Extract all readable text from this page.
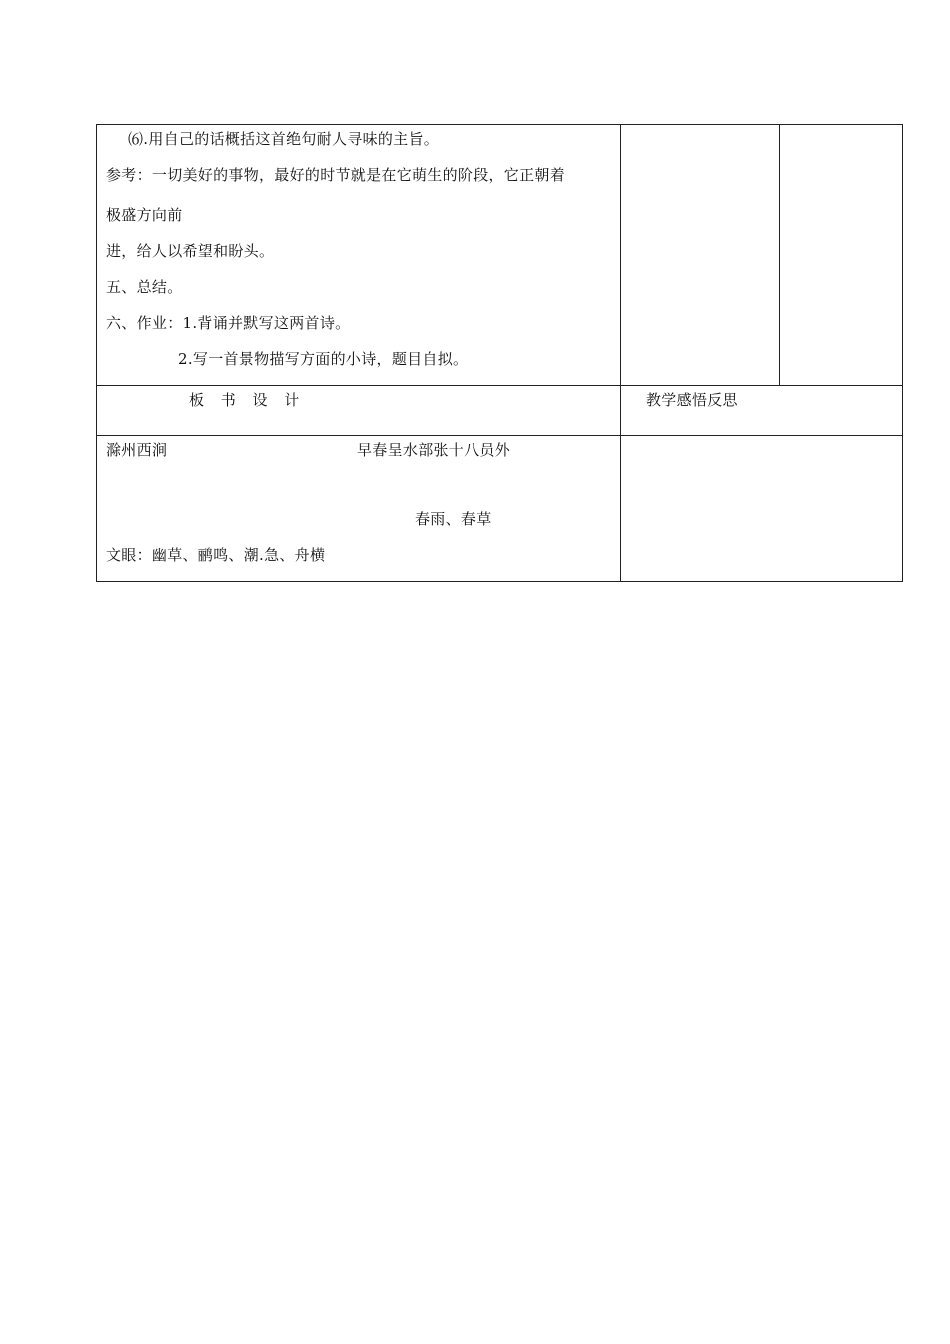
⑹.用自己的话概括这首绝句耐人寻味的主旨。
参考：一切美好的事物，最好的时节就是在它萌生的阶段，它正朝着
极盛方向前
进，给人以希望和盼头。
五、总结。
六、作业：1.背诵并默写这两首诗。
2.写一首景物描写方面的小诗，题目自拟。
板 书 设 计	教学感悟反思
滁州西涧	早春呈水部张十八员外
春雨、春草
文眼：幽草、鹂鸣、潮.急、舟横
